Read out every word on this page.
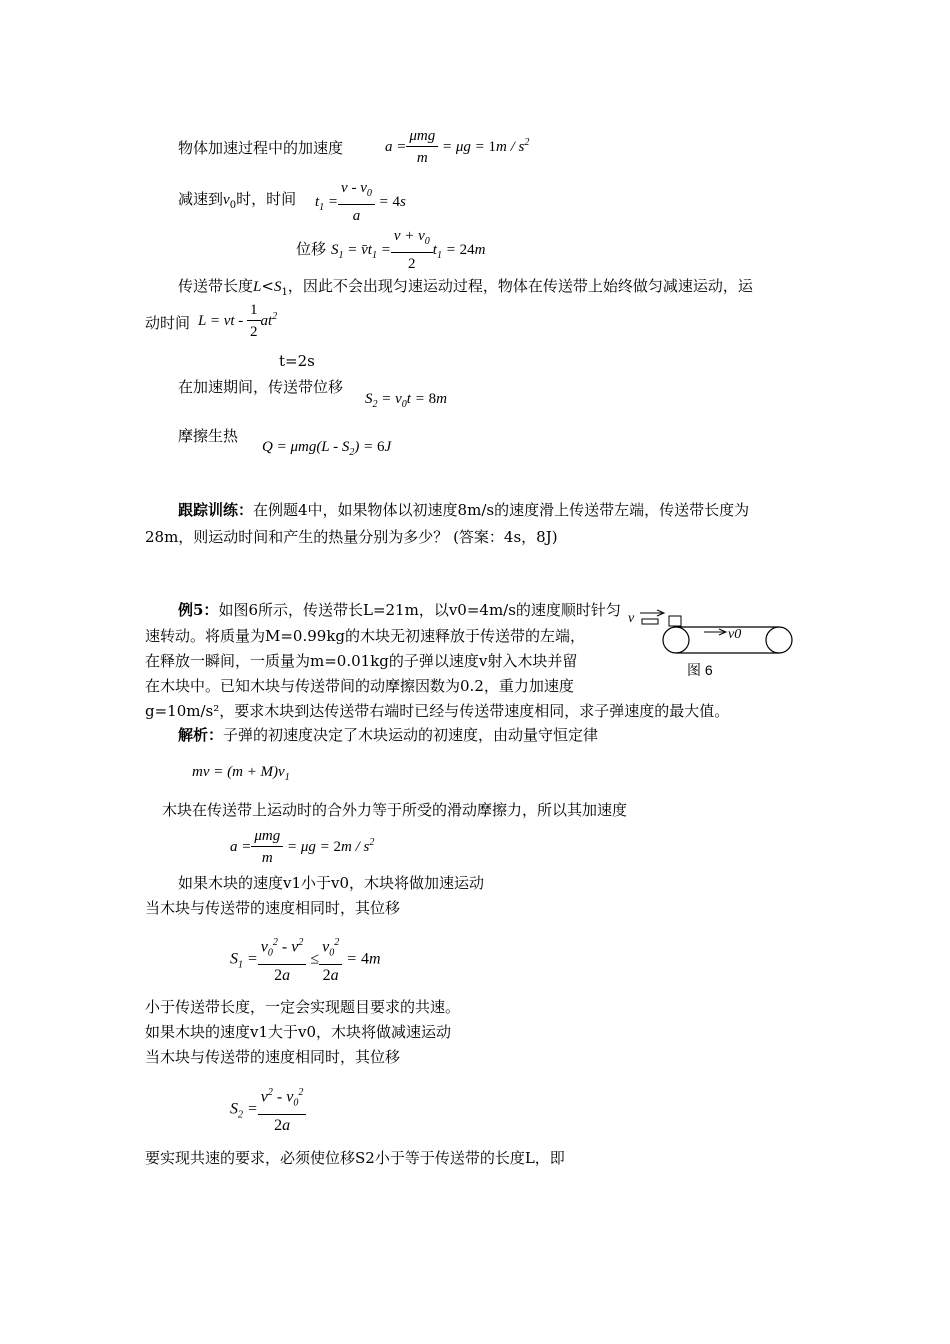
物体加速过程中的加速度	$a = \frac{\text{μmg}}{m} = \mu g = 1m / s^2$
减速到$v_0$时，时间 $t_1 = \frac{v - v_0}{a} = 4s$
位移 $S_1$ = $v̄t_1 = \frac{v + v_0}{2} t_1 = 24m$
传送带长度$L<S_1$，因此不会出现匀速运动过程，物体在传送带上始终做匀减速运动，运
动时间 L = vt - $\frac{1}{2} at^2$
t=2s
在加速期间，传送带位移
$S_2 = v_0t = 8m$
摩擦生热
$Q = \mu mg(L - S_2) = 6J$
跟踪训练：在例题4中，如果物体以初速度8m/s的速度滑上传送带左端，传送带长度为
28m，则运动时间和产生的热量分别为多少？ (答案：4s，8J)
例5：如图6所示，传送带长L=21m，以v0=4m/s的速度顺时针匀
速转动。将质量为M=0.99kg的木块无初速释放于传送带的左端，
在释放一瞬间，一质量为m=0.01kg的子弹以速度v射入木块并留
在木块中。已知木块与传送带间的动摩擦因数为0.2，重力加速度
g=10m/s²，要求木块到达传送带右端时已经与传送带速度相同，求子弹速度的最大值。
v
v0
图 6
解析：子弹的初速度决定了木块运动的初速度，由动量守恒定律
mv = $(m + M)v_1$
木块在传送带上运动时的合外力等于所受的滑动摩擦力，所以其加速度
$a = \frac{\text{μmg}}{m} = \mu g = 2m / s^2$
如果木块的速度v1小于v0，木块将做加速运动
当木块与传送带的速度相同时，其位移
$S_1 = \frac{v_0^2 - v^2}{2a} \le \frac{v_0^2}{2a} = 4m$
小于传送带长度，一定会实现题目要求的共速。
如果木块的速度v1大于v0，木块将做减速运动
当木块与传送带的速度相同时，其位移
$S_2 = \frac{v^2 - v_0^2}{2a}$
要实现共速的要求，必须使位移S2小于等于传送带的长度L，即
